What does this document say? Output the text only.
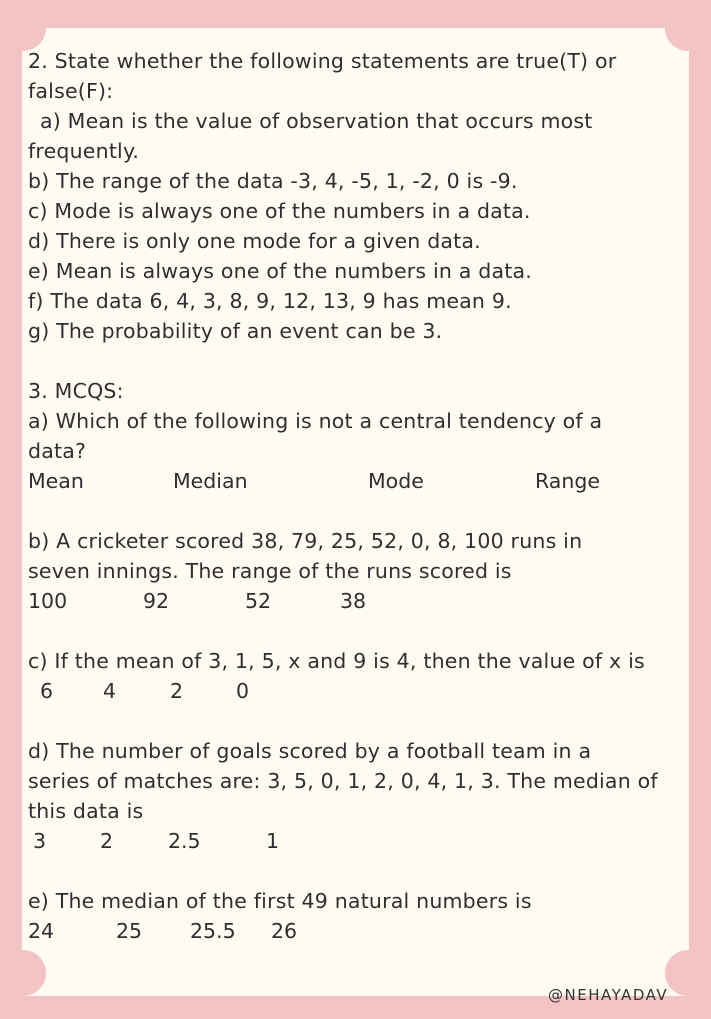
2. State whether the following statements are true(T) or
false(F):
a) Mean is the value of observation that occurs most
frequently.
b) The range of the data -3, 4, -5, 1, -2, 0 is -9.
c) Mode is always one of the numbers in a data.
d) There is only one mode for a given data.
e) Mean is always one of the numbers in a data.
f) The data 6, 4, 3, 8, 9, 12, 13, 9 has mean 9.
g) The probability of an event can be 3.
3. MCQS:
a) Which of the following is not a central tendency of a
data?
Mean	Median	Mode	Range
b) A cricketer scored 38, 79, 25, 52, 0, 8, 100 runs in
seven innings. The range of the runs scored is
100	92	52	38
c) If the mean of 3, 1, 5, x and 9 is 4, then the value of x is
6 4	2	0
d) The number of goals scored by a football team in a
series of matches are: 3, 5, 0, 1, 2, 0, 4, 1, 3. The median of
this data is
3	2	2.5	1
e) The median of the first 49 natural numbers is
24	25 25.5 26
@NEHAYADAV
